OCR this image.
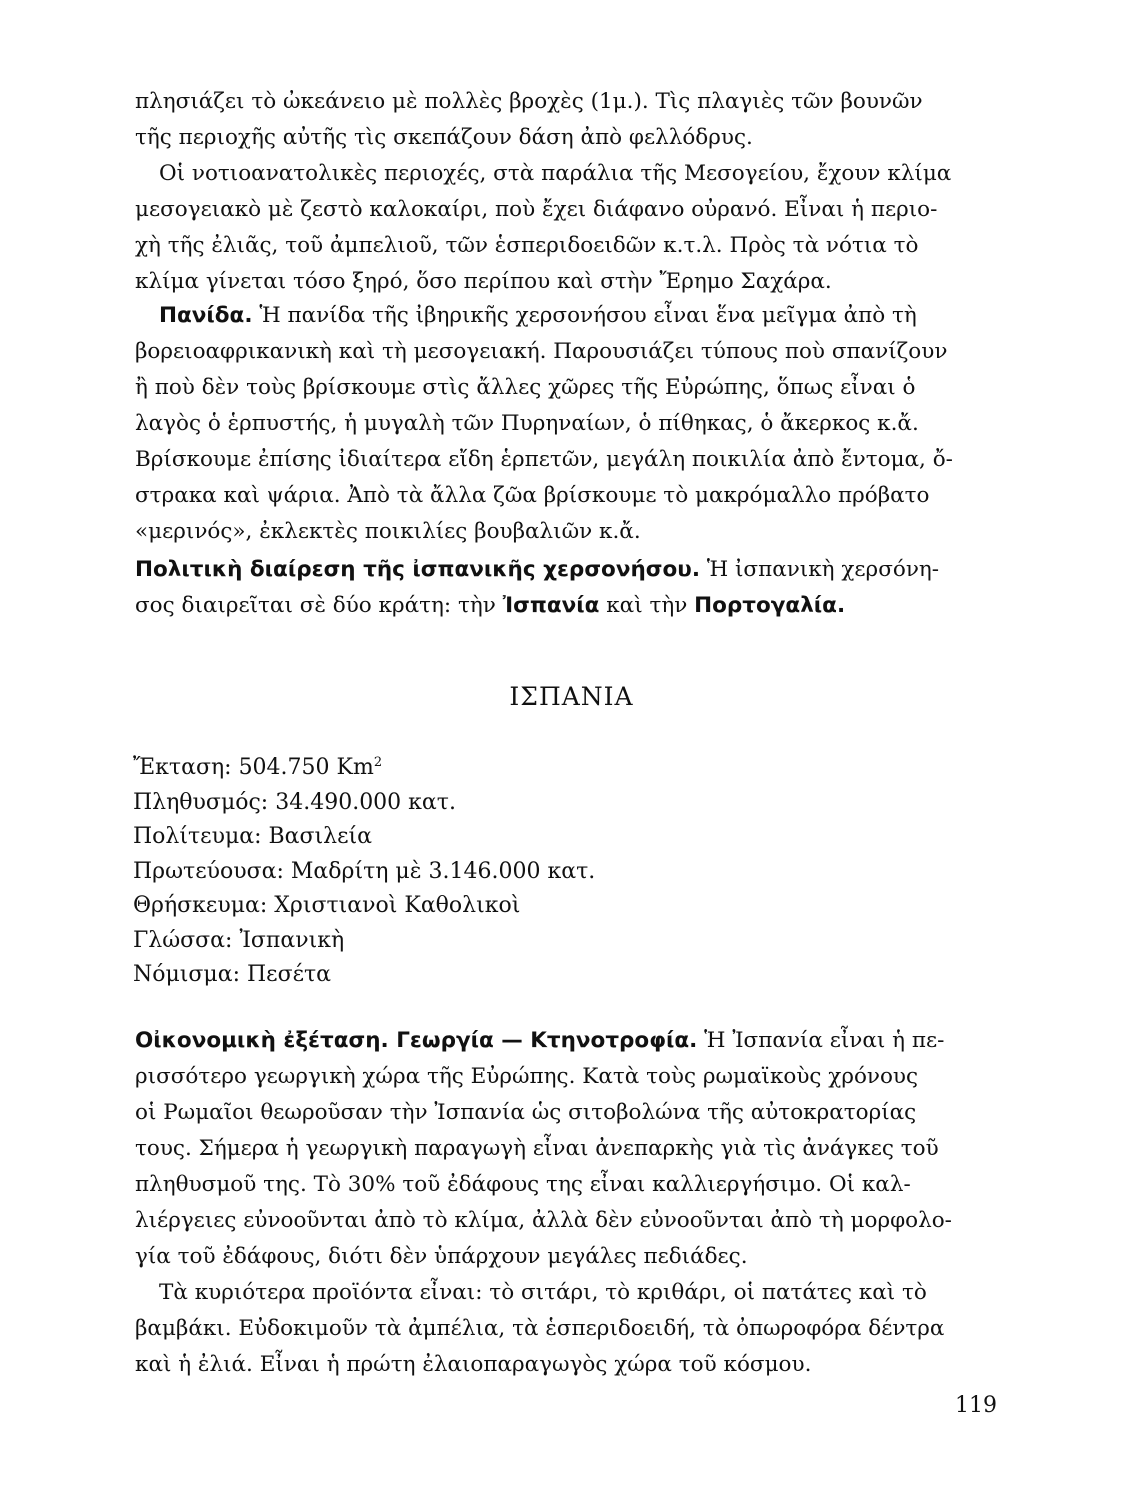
πλησιάζει τὸ ὠκεάνειο μὲ πολλὲς βροχὲς (1μ.). Τὶς πλαγιὲς τῶν βουνῶν
τῆς περιοχῆς αὐτῆς τὶς σκεπάζουν δάση ἀπὸ φελλόδρυς.
Οἱ νοτιοανατολικὲς περιοχές, στὰ παράλια τῆς Μεσογείου, ἔχουν κλίμα
μεσογειακὸ μὲ ζεστὸ καλοκαίρι, ποὺ ἔχει διάφανο οὐρανό. Εἶναι ἡ περιο-
χὴ τῆς ἐλιᾶς, τοῦ ἀμπελιοῦ, τῶν ἑσπεριδοειδῶν κ.τ.λ. Πρὸς τὰ νότια τὸ
κλίμα γίνεται τόσο ξηρό, ὅσο περίπου καὶ στὴν Ἔρημο Σαχάρα.
Πανίδα. Ἡ πανίδα τῆς ἰβηρικῆς χερσονήσου εἶναι ἕνα μεῖγμα ἀπὸ τὴ
βορειοαφρικανικὴ καὶ τὴ μεσογειακή. Παρουσιάζει τύπους ποὺ σπανίζουν
ἢ ποὺ δὲν τοὺς βρίσκουμε στὶς ἄλλες χῶρες τῆς Εὐρώπης, ὅπως εἶναι ὁ
λαγὸς ὁ ἑρπυστής, ἡ μυγαλὴ τῶν Πυρηναίων, ὁ πίθηκας, ὁ ἄκερκος κ.ἄ.
Βρίσκουμε ἐπίσης ἰδιαίτερα εἴδη ἑρπετῶν, μεγάλη ποικιλία ἀπὸ ἔντομα, ὄ-
στρακα καὶ ψάρια. Ἀπὸ τὰ ἄλλα ζῶα βρίσκουμε τὸ μακρόμαλλο πρόβατο
«μερινός», ἐκλεκτὲς ποικιλίες βουβαλιῶν κ.ἄ.
Πολιτικὴ διαίρεση τῆς ἰσπανικῆς χερσονήσου. Ἡ ἰσπανικὴ χερσόνη-
σος διαιρεῖται σὲ δύο κράτη: τὴν Ἰσπανία καὶ τὴν Πορτογαλία.
ΙΣΠΑΝΙΑ
Ἔκταση: 504.750 Km$^2$
Πληθυσμός: 34.490.000 κατ.
Πολίτευμα: Βασιλεία
Πρωτεύουσα: Μαδρίτη μὲ 3.146.000 κατ.
Θρήσκευμα: Χριστιανοὶ Καθολικοὶ
Γλώσσα: Ἰσπανικὴ
Νόμισμα: Πεσέτα
Οἰκονομικὴ ἐξέταση. Γεωργία — Κτηνοτροφία. Ἡ Ἰσπανία εἶναι ἡ πε-
ρισσότερο γεωργικὴ χώρα τῆς Εὐρώπης. Κατὰ τοὺς ρωμαϊκοὺς χρόνους
οἱ Ρωμαῖοι θεωροῦσαν τὴν Ἰσπανία ὡς σιτοβολώνα τῆς αὐτοκρατορίας
τους. Σήμερα ἡ γεωργικὴ παραγωγὴ εἶναι ἀνεπαρκὴς γιὰ τὶς ἀνάγκες τοῦ
πληθυσμοῦ της. Τὸ 30% τοῦ ἐδάφους της εἶναι καλλιεργήσιμο. Οἱ καλ-
λιέργειες εὐνοοῦνται ἀπὸ τὸ κλίμα, ἀλλὰ δὲν εὐνοοῦνται ἀπὸ τὴ μορφολο-
γία τοῦ ἐδάφους, διότι δὲν ὑπάρχουν μεγάλες πεδιάδες.
Τὰ κυριότερα προϊόντα εἶναι: τὸ σιτάρι, τὸ κριθάρι, οἱ πατάτες καὶ τὸ
βαμβάκι. Εὐδοκιμοῦν τὰ ἀμπέλια, τὰ ἑσπεριδοειδή, τὰ ὀπωροφόρα δέντρα
καὶ ἡ ἐλιά. Εἶναι ἡ πρώτη ἐλαιοπαραγωγὸς χώρα τοῦ κόσμου.
119
